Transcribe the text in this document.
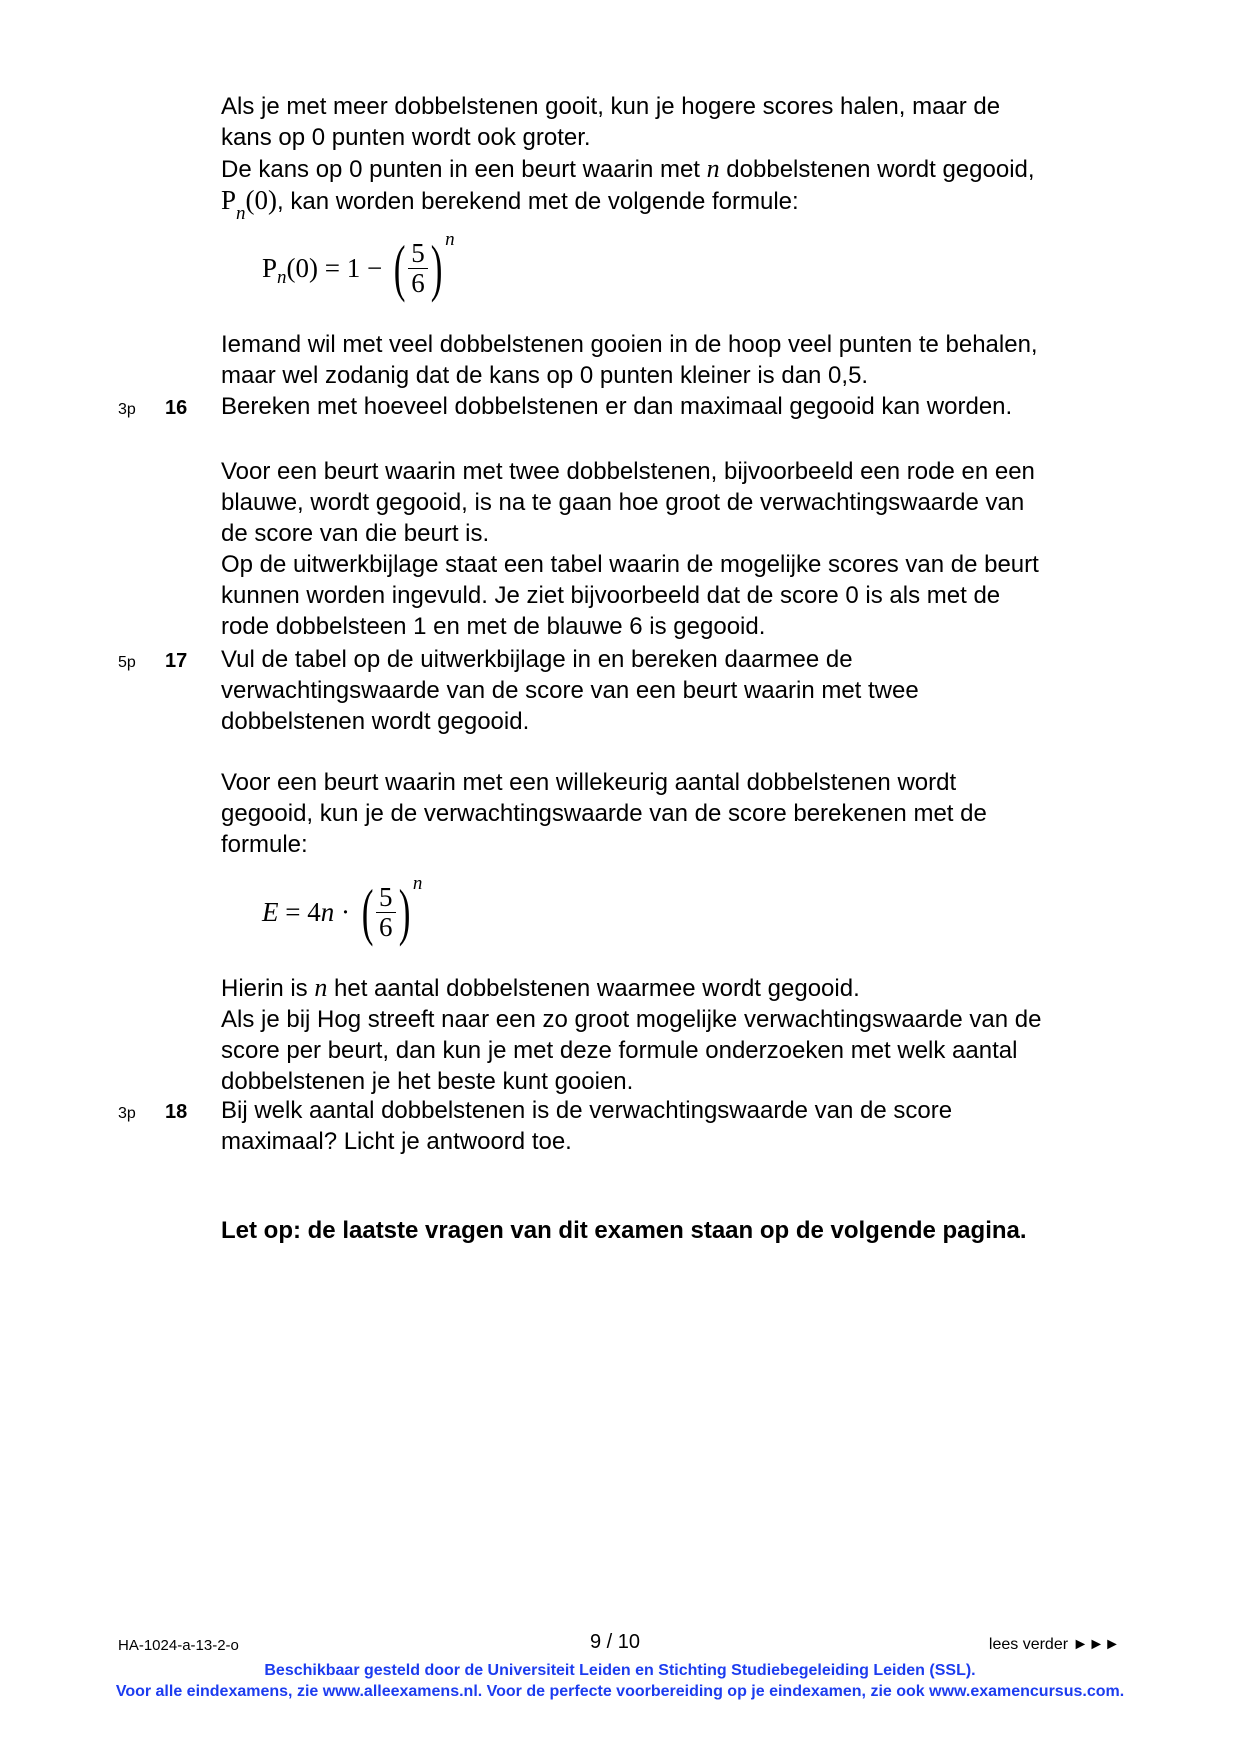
Als je met meer dobbelstenen gooit, kun je hogere scores halen, maar de

kans op 0 punten wordt ook groter.

De kans op 0 punten in een beurt waarin met n dobbelstenen wordt gegooid,

$P_n(0)$, kan worden berekend met de volgende formule:

P n (0) = 1 − ( $\frac{5}{6}$ ) n

Iemand wil met veel dobbelstenen gooien in de hoop veel punten te behalen,

maar wel zodanig dat de kans op 0 punten kleiner is dan 0,5.

3p 16 Bereken met hoeveel dobbelstenen er dan maximaal gegooid kan worden.

Voor een beurt waarin met twee dobbelstenen, bijvoorbeeld een rode en een

blauwe, wordt gegooid, is na te gaan hoe groot de verwachtingswaarde van

de score van die beurt is.

Op de uitwerkbijlage staat een tabel waarin de mogelijke scores van de beurt

kunnen worden ingevuld. Je ziet bijvoorbeeld dat de score 0 is als met de

rode dobbelsteen 1 en met de blauwe 6 is gegooid.

5p 17 Vul de tabel op de uitwerkbijlage in en bereken daarmee de

verwachtingswaarde van de score van een beurt waarin met twee

dobbelstenen wordt gegooid.

Voor een beurt waarin met een willekeurig aantal dobbelstenen wordt

gegooid, kun je de verwachtingswaarde van de score berekenen met de

formule:

E = 4 n · ( $\frac{5}{6}$ ) n

Hierin is n het aantal dobbelstenen waarmee wordt gegooid.

Als je bij Hog streeft naar een zo groot mogelijke verwachtingswaarde van de

score per beurt, dan kun je met deze formule onderzoeken met welk aantal

dobbelstenen je het beste kunt gooien.

3p 18 Bij welk aantal dobbelstenen is de verwachtingswaarde van de score

maximaal? Licht je antwoord toe.

Let op: de laatste vragen van dit examen staan op de volgende pagina.

HA-1024-a-13-2-o	9 / 10	lees verder ►►►
Beschikbaar gesteld door de Universiteit Leiden en Stichting Studiebegeleiding Leiden (SSL).
Voor alle eindexamens, zie www.alleexamens.nl. Voor de perfecte voorbereiding op je eindexamen, zie ook www.examencursus.com.
